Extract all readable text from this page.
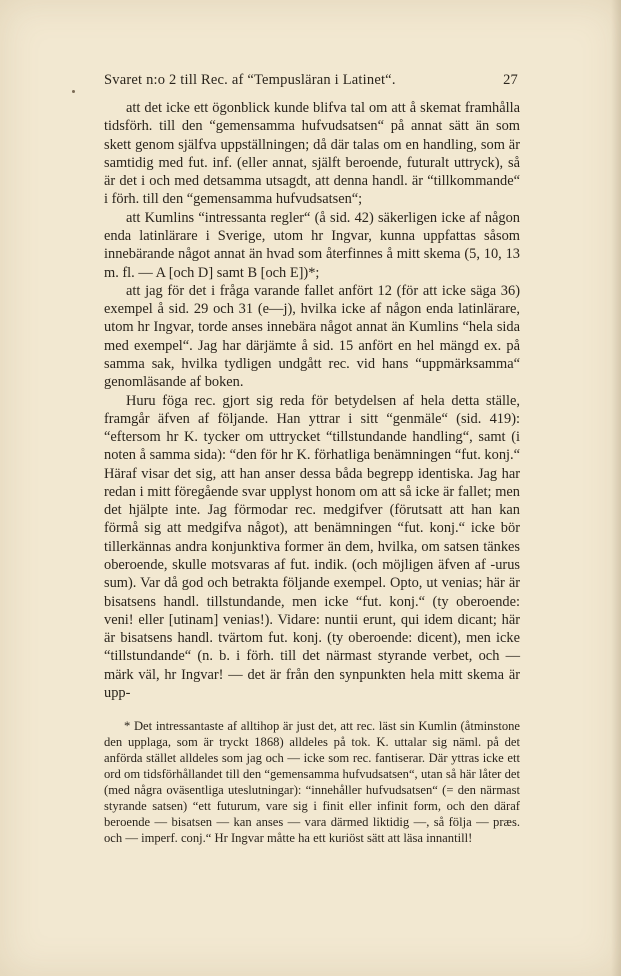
Svaret n:o 2 till Rec. af “Tempusläran i Latinet“.	27

att det icke ett ögonblick kunde blifva tal om att å skemat framhålla tidsförh. till den “gemensamma hufvudsatsen“ på annat sätt än som skett genom själfva uppställningen; då där talas om en handling, som är samtidig med fut. inf. (eller annat, själft beroende, futuralt uttryck), så är det i och med detsamma utsagdt, att denna handl. är “tillkommande“ i förh. till den “gemensamma hufvudsatsen“;

att Kumlins “intressanta regler“ (å sid. 42) säkerligen icke af någon enda latinlärare i Sverige, utom hr Ingvar, kunna uppfattas såsom innebärande något annat än hvad som återfinnes å mitt skema (5, 10, 13 m. fl. — A [och D] samt B [och E])*;

att jag för det i fråga varande fallet anfört 12 (för att icke säga 36) exempel å sid. 29 och 31 (e—j), hvilka icke af någon enda latinlärare, utom hr Ingvar, torde anses innebära något annat än Kumlins “hela sida med exempel“. Jag har därjämte å sid. 15 anfört en hel mängd ex. på samma sak, hvilka tydligen undgått rec. vid hans “uppmärksamma“ genomläsande af boken.

Huru föga rec. gjort sig reda för betydelsen af hela detta ställe, framgår äfven af följande. Han yttrar i sitt “genmäle“ (sid. 419): “eftersom hr K. tycker om uttrycket “tillstundande handling“, samt (i noten å samma sida): “den för hr K. förhatliga benämningen “fut. konj.“ Häraf visar det sig, att han anser dessa båda begrepp identiska. Jag har redan i mitt föregående svar upplyst honom om att så icke är fallet; men det hjälpte inte. Jag förmodar rec. medgifver (förutsatt att han kan förmå sig att medgifva något), att benämningen “fut. konj.“ icke bör tillerkännas andra konjunktiva former än dem, hvilka, om satsen tänkes oberoende, skulle motsvaras af fut. indik. (och möjligen äfven af -urus sum). Var då god och betrakta följande exempel. Opto, ut venias; här är bisatsens handl. tillstundande, men icke “fut. konj.“ (ty oberoende: veni! eller [utinam] venias!). Vidare: nuntii erunt, qui idem dicant; här är bisatsens handl. tvärtom fut. konj. (ty oberoende: dicent), men icke “tillstundande“ (n. b. i förh. till det närmast styrande verbet, och — märk väl, hr Ingvar! — det är från den synpunkten hela mitt skema är upp-

* Det intressantaste af alltihop är just det, att rec. läst sin Kumlin (åtminstone den upplaga, som är tryckt 1868) alldeles på tok. K. uttalar sig näml. på det anförda stället alldeles som jag och — icke som rec. fantiserar. Där yttras icke ett ord om tidsförhållandet till den “gemensamma hufvudsatsen“, utan så här låter det (med några oväsentliga uteslutningar): “innehåller hufvudsatsen“ (= den närmast styrande satsen) “ett futurum, vare sig i finit eller infinit form, och den däraf beroende — bisatsen — kan anses — vara därmed liktidig —, så följa — præs. och — imperf. conj.“ Hr Ingvar måtte ha ett kuriöst sätt att läsa innantill!
